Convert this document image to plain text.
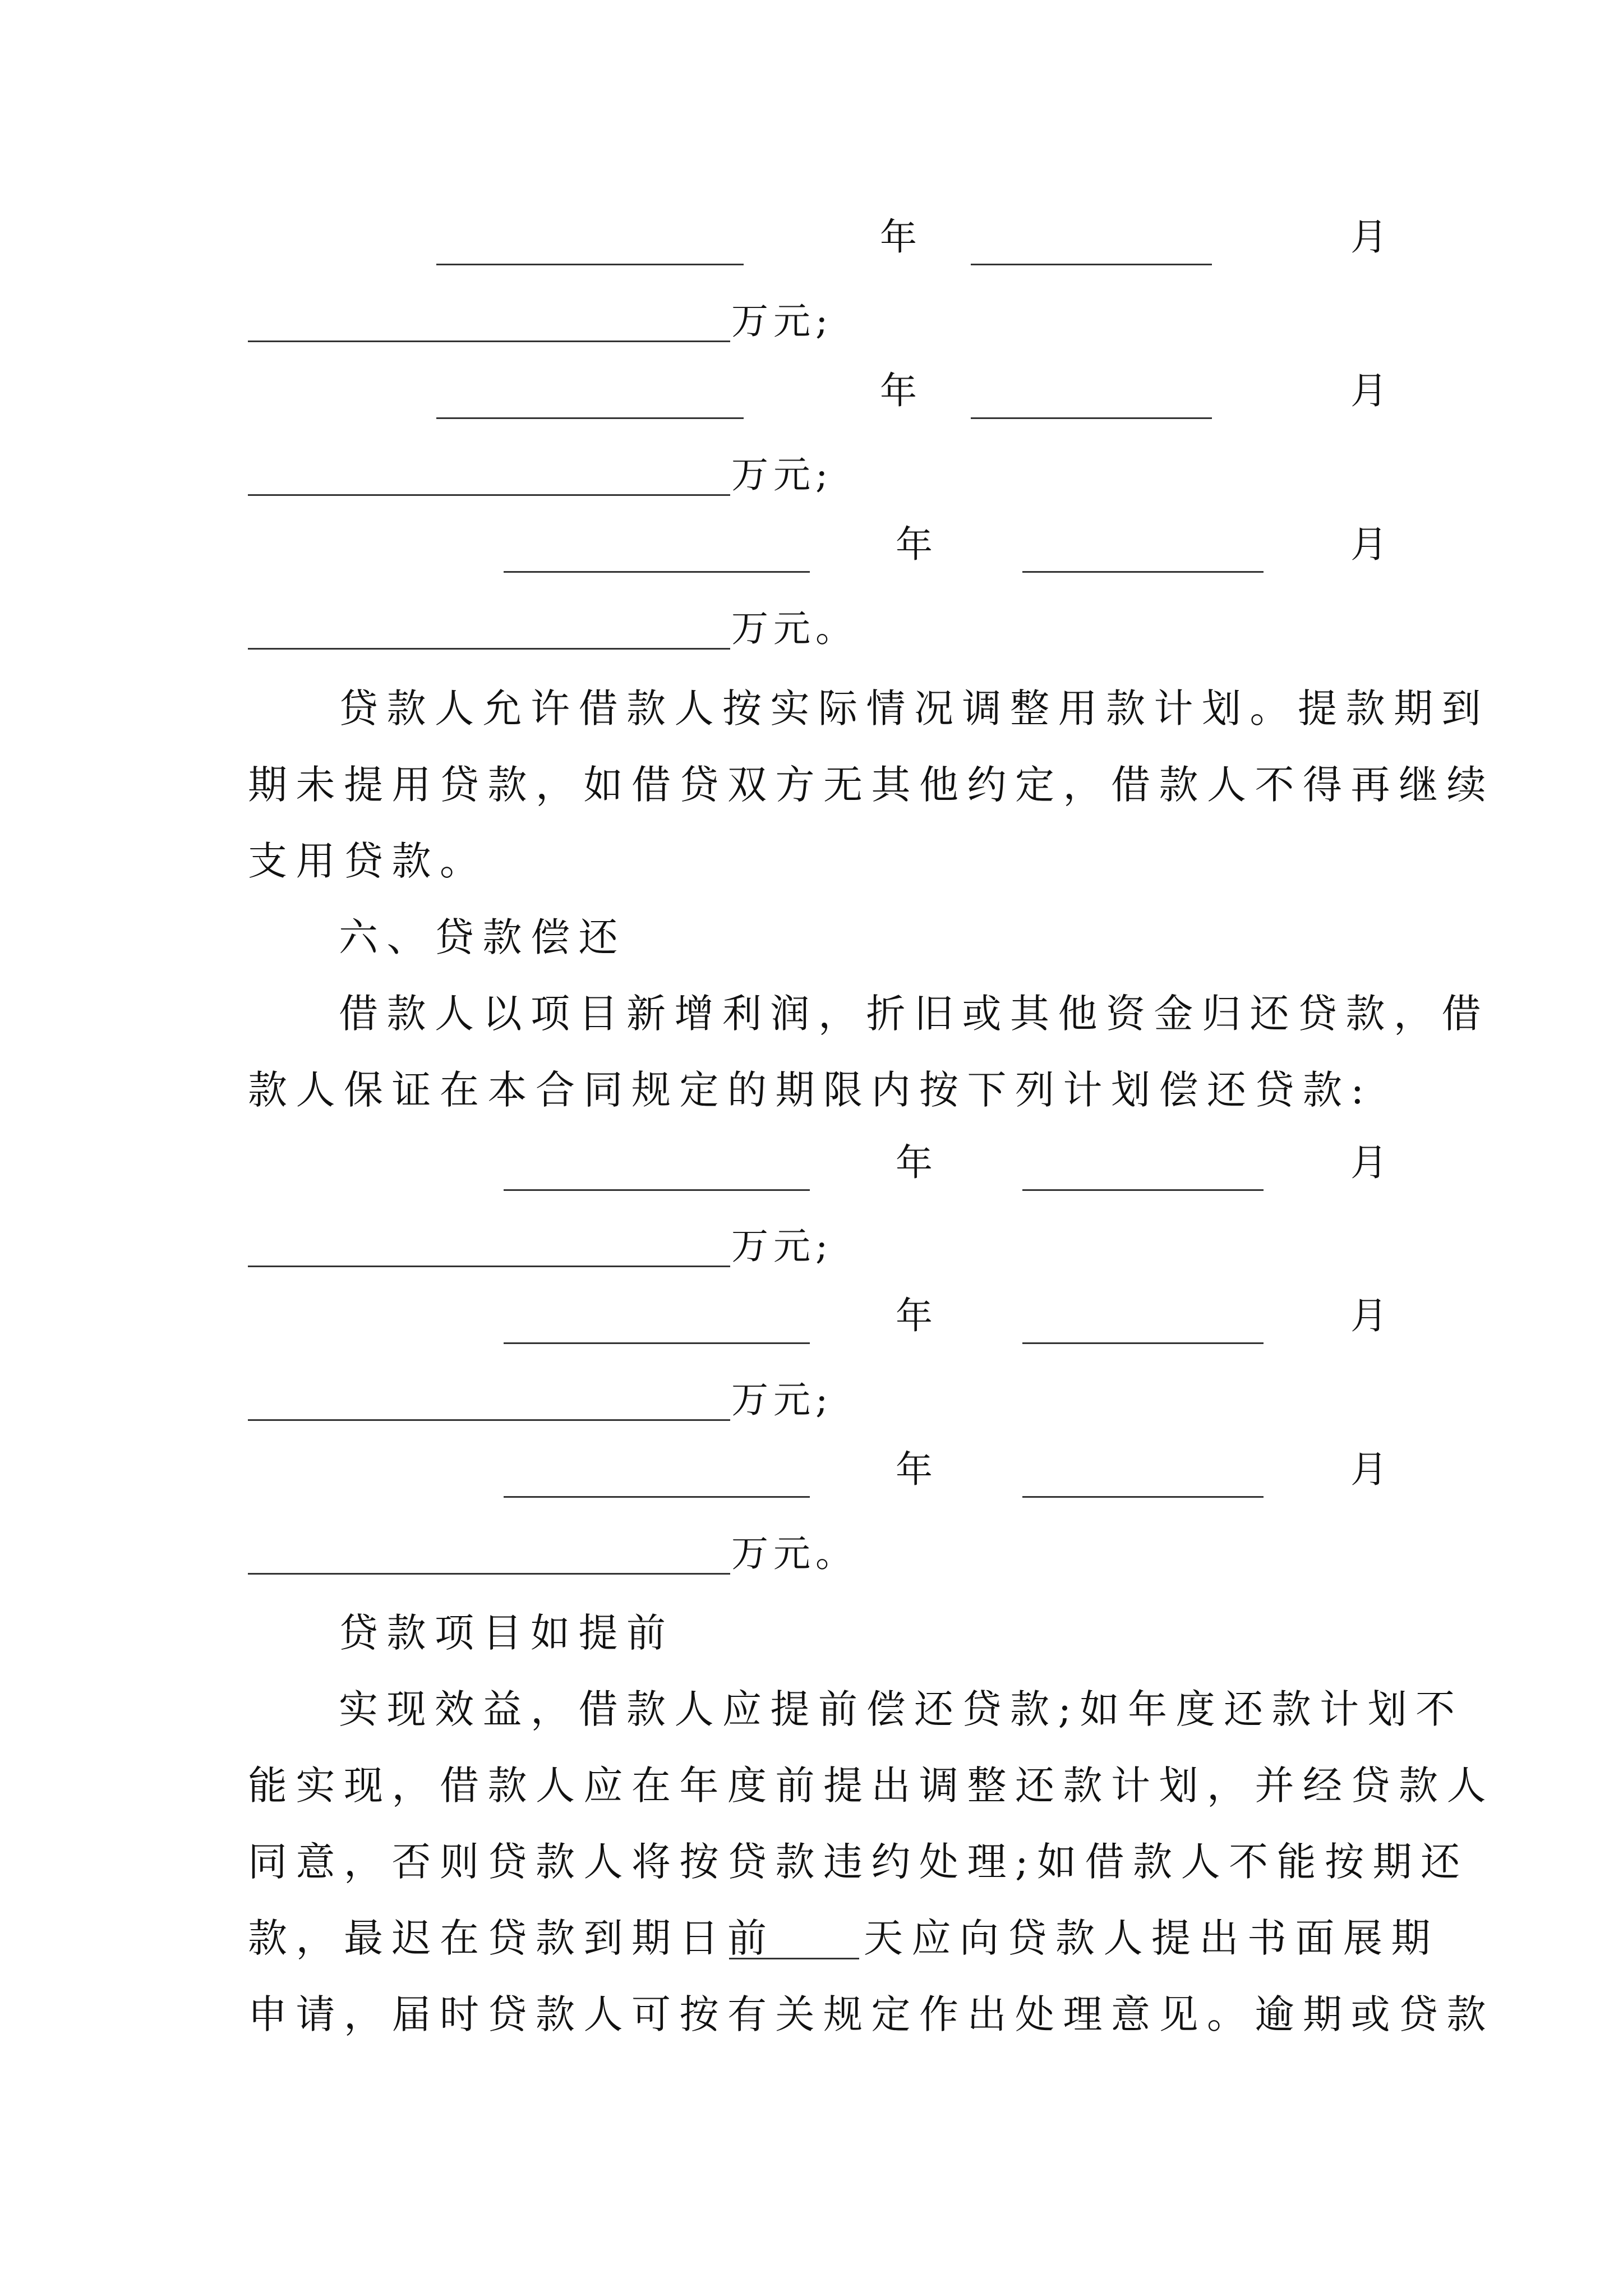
年	月
万元;
年	月
万元;
年	月
万元。
贷款人允许借款人按实际情况调整用款计划。提款期到
期未提用贷款，如借贷双方无其他约定，借款人不得再继续
支用贷款。
六、贷款偿还
借款人以项目新增利润，折旧或其他资金归还贷款，借
款人保证在本合同规定的期限内按下列计划偿还贷款:
年	月
万元;
年	月
万元;
年	月
万元。
贷款项目如提前
实现效益，借款人应提前偿还贷款;如年度还款计划不
能实现，借款人应在年度前提出调整还款计划，并经贷款人
同意，否则贷款人将按贷款违约处理;如借款人不能按期还
款，最迟在贷款到期日前 天应向贷款人提出书面展期
申请，届时贷款人可按有关规定作出处理意见。逾期或贷款
